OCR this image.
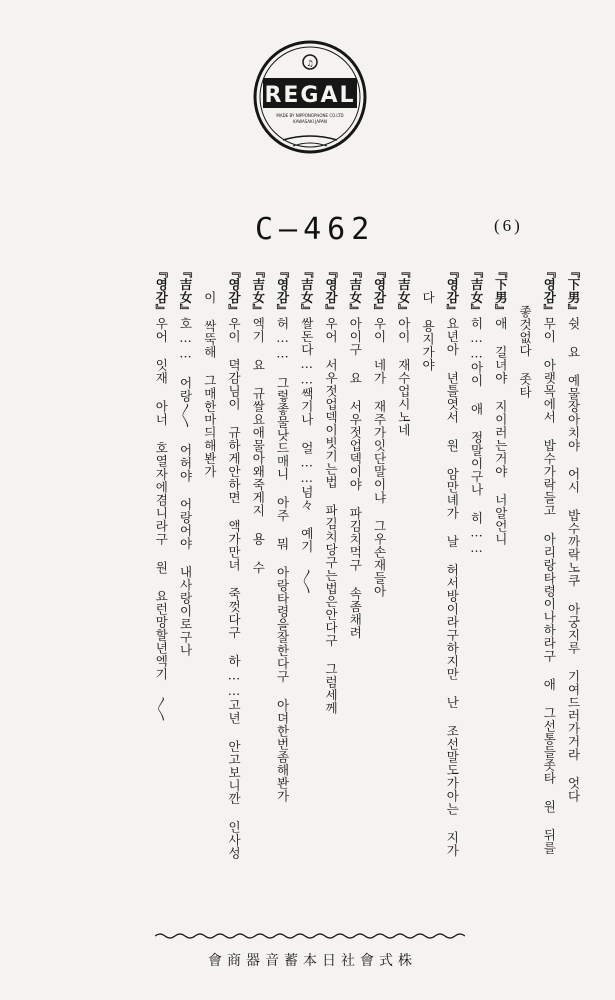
♫
REGAL
MADE BY NIPPONOPHONE CO.LTD
KAWASAKI JAPAN
C—462	(6)
『下男』쉿 요 예물장아치야 어시 밥수까락노쿠 아궁지루 기여드러가거라 엇다
『영감』무이 아랫목에서 밥수가락들고 아리랑타령이나하라구 애 그선통들좃타 원 뒤를
좋것없다 좃타
『下男』애 길녀야 지이러는거야 너알언니
『吉女』히……아이 애 정말이구나 히……
『영감』요년아 년틀엿서 원 암만녜가 날 허서방이라구하지만 난 조선말도가아는 지가
다 용지가야
『吉女』아이 재수업시노네
『영감』우이 네가 재주가잇단말이냐 그우손재들아
『吉女』아이구 요 서우젓업덱이야 파김치먹구 속좀채려
『영감』우어 서우젓업덱이빗기는법 파김치당구는법은안다구 그럼세께
『吉女』쌀돈다……쌕기나 얼……넘々 예기 〳〵
『영감』허…… 그렇좋물낫드매니 아주 뭐 아랑타령을잘한다구 아뎌한번좀해봔가
『吉女』엑기 요 규쌀요애물아왜죽게지 용 수
『영감』우이 뎍감님이 규하게안하면 액가만녀 죽껏다구 하……고년 안고보니깐 인사성
이 싹뚝해 그매한마듸해봔가
『吉女』호…… 어랑〳〵 어허야 어랑어야 내사랑이로구나
『영감』우어 잇재 아너 호열자에겸니라구 원 요런망할년엑기 〳〵
會商器音蓄本日社會式株
